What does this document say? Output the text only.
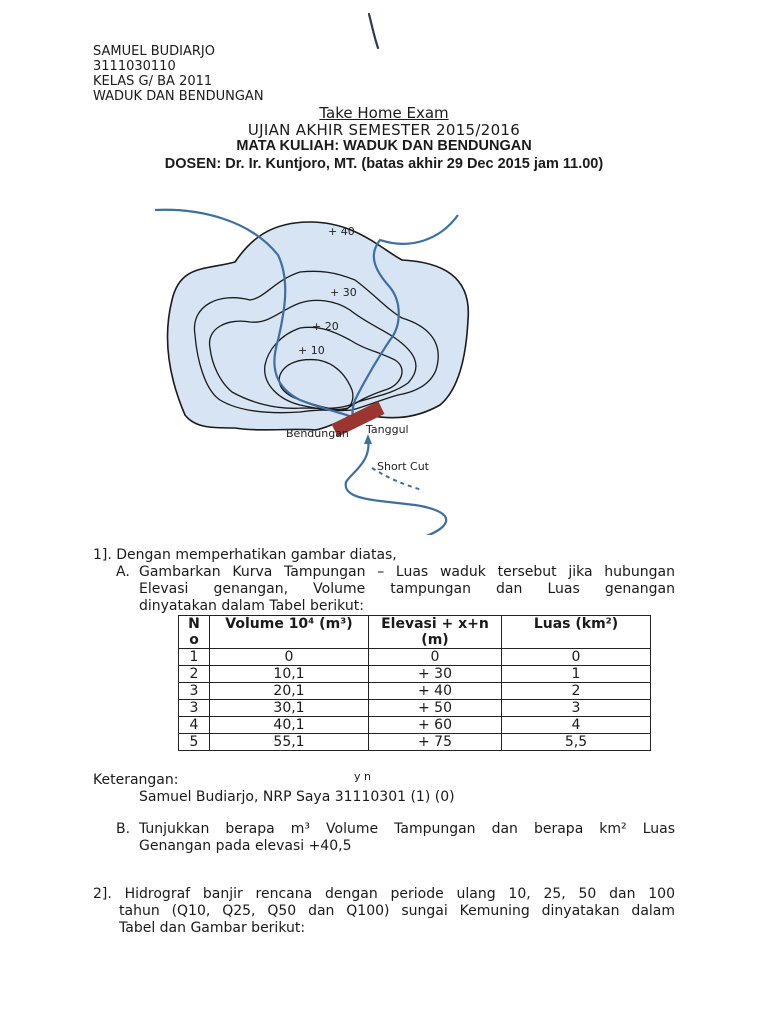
SAMUEL BUDIARJO
3111030110
KELAS G/ BA 2011
WADUK DAN BENDUNGAN
Take Home Exam
UJIAN AKHIR SEMESTER 2015/2016
MATA KULIAH: WADUK DAN BENDUNGAN
DOSEN: Dr. Ir. Kuntjoro, MT. (batas akhir 29 Dec 2015 jam 11.00)
+ 40
+ 30
+ 20
+ 10
Bendungan Tanggul
Short Cut
1]. Dengan memperhatikan gambar diatas,
A. Gambarkan Kurva Tampungan – Luas waduk tersebut jika hubungan
Elevasi genangan, Volume tampungan dan Luas genangan
dinyatakan dalam Tabel berikut:
N o	Volume 10⁴ (m³)	Elevasi + x+n (m)	Luas (km²)
1	0	0	0
2	10,1	+ 30	1
3	20,1	+ 40	2
3	30,1	+ 50	3
4	40,1	+ 60	4
5	55,1	+ 75	5,5
Keterangan:	y n
Samuel Budiarjo, NRP Saya 31110301 (1) (0)
B. Tunjukkan berapa m³ Volume Tampungan dan berapa km² Luas
Genangan pada elevasi +40,5
2]. Hidrograf banjir rencana dengan periode ulang 10, 25, 50 dan 100
tahun (Q10, Q25, Q50 dan Q100) sungai Kemuning dinyatakan dalam
Tabel dan Gambar berikut:
